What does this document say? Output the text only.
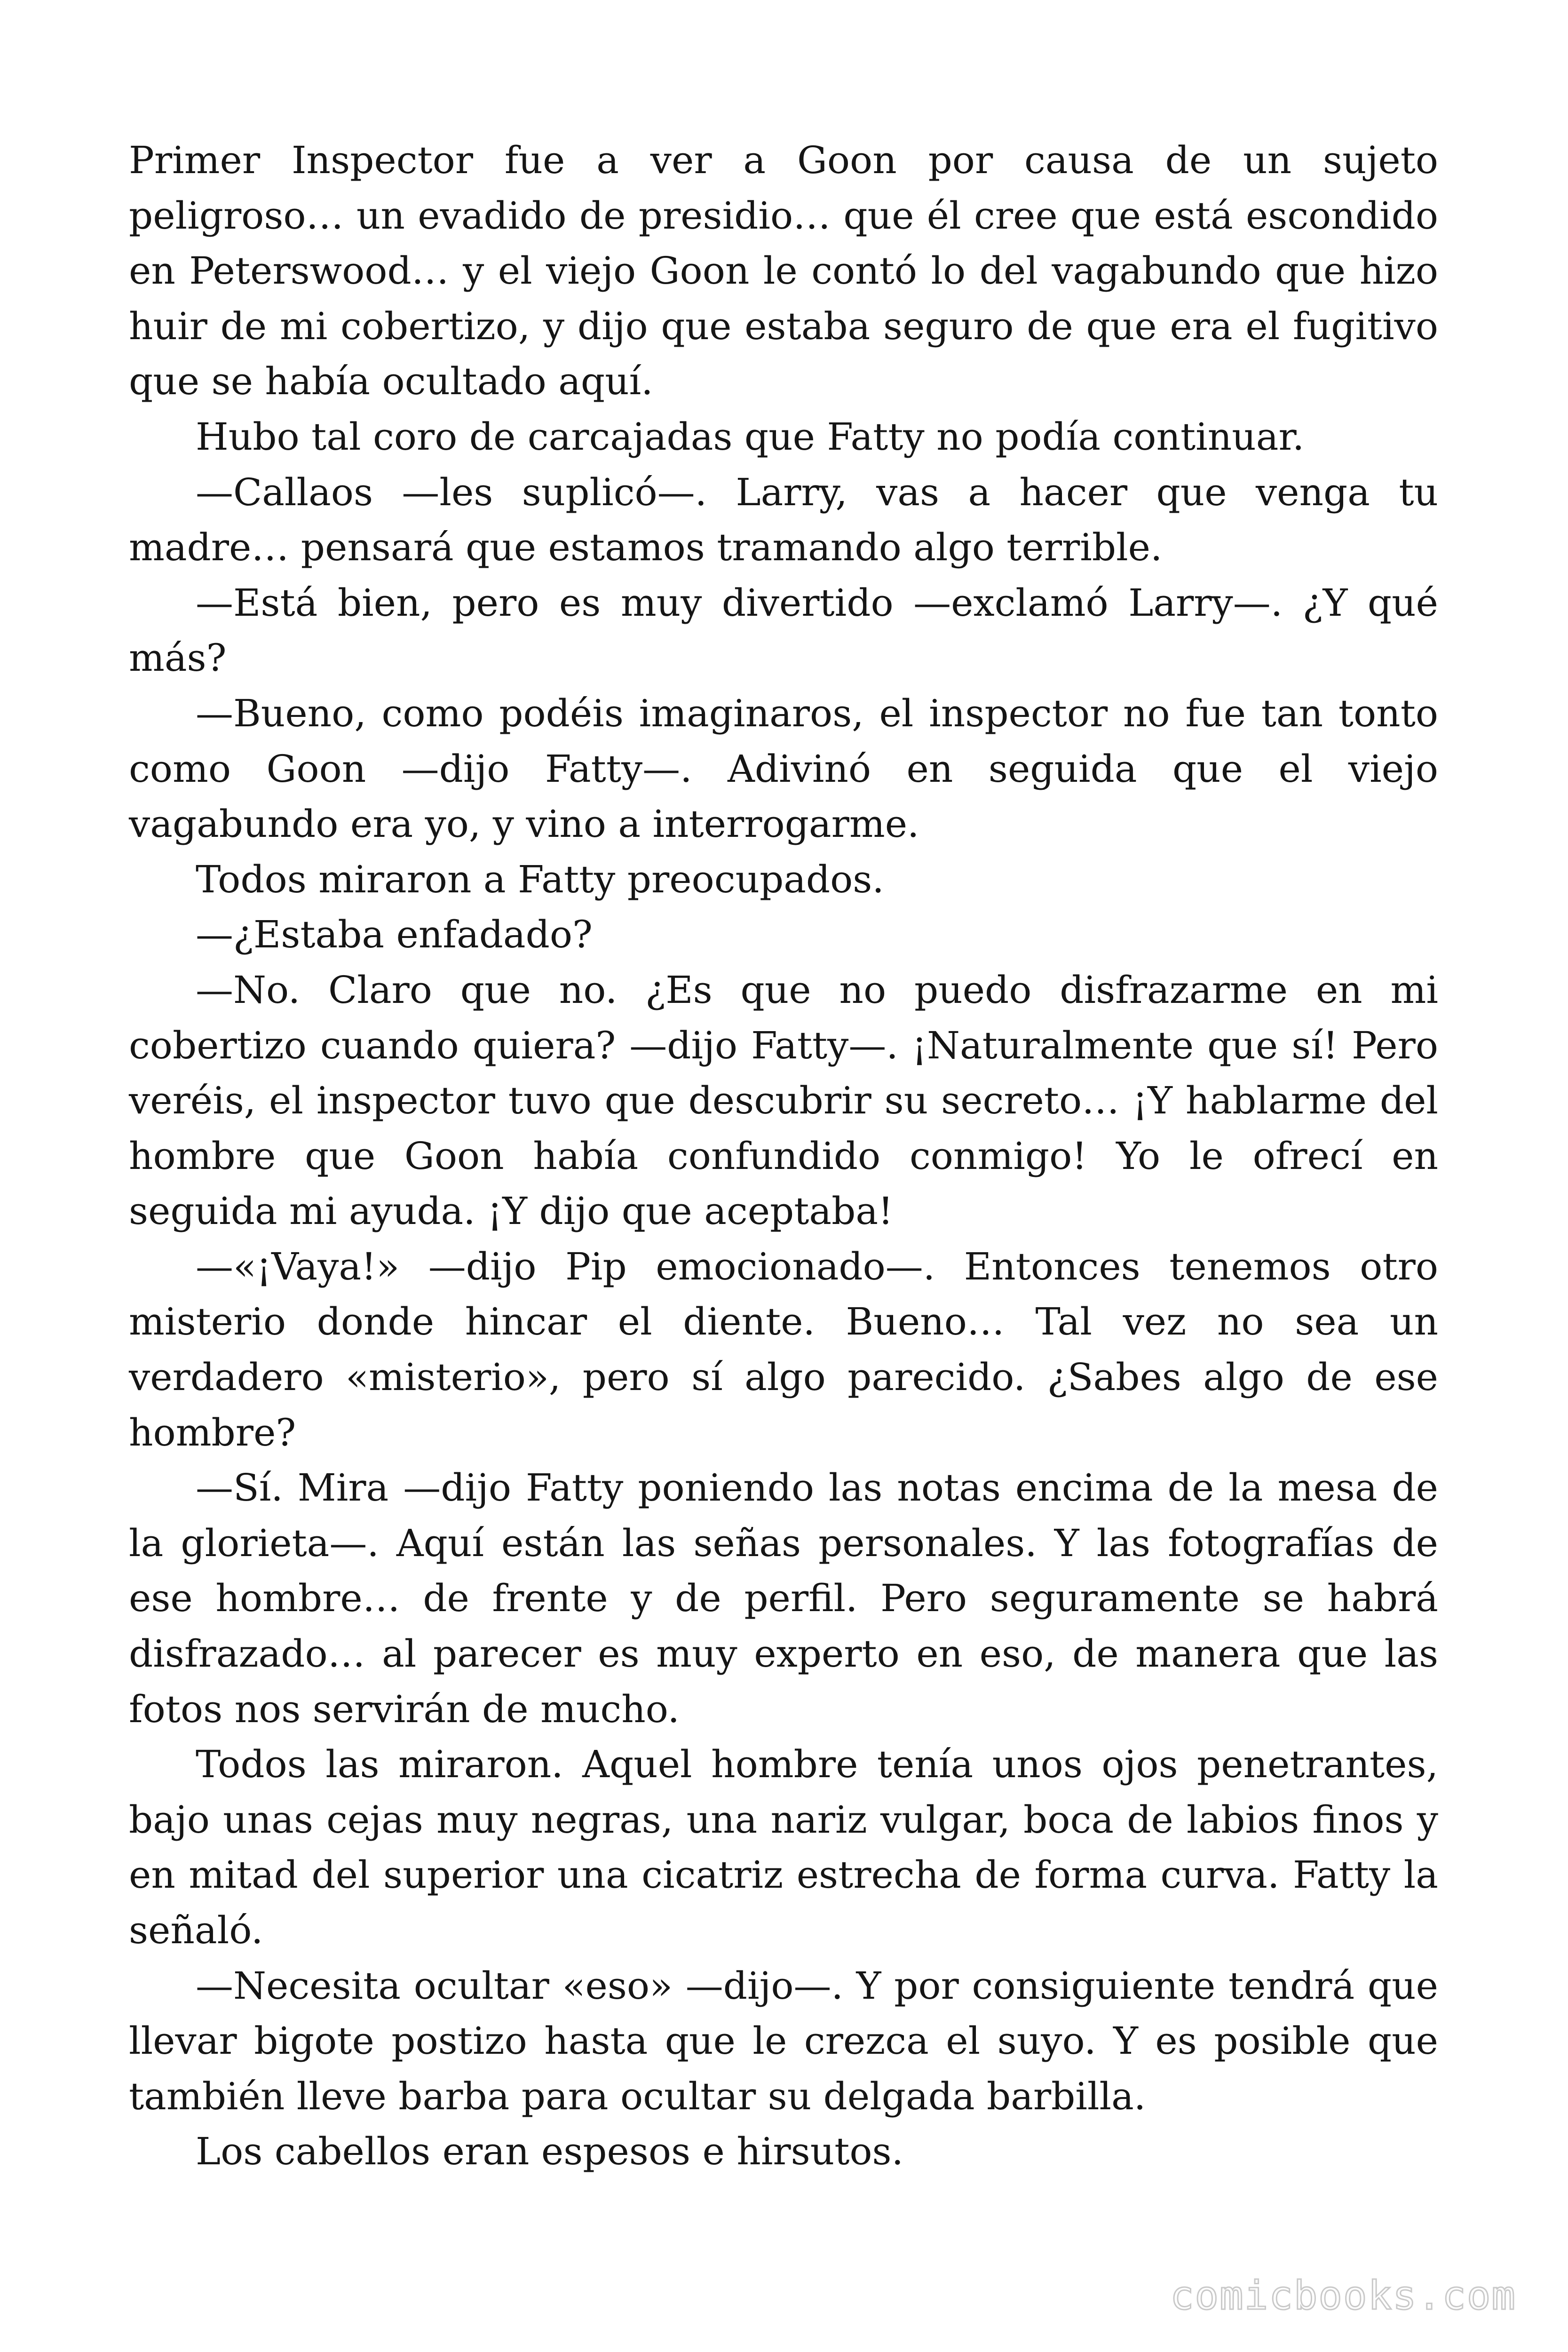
Primer Inspector fue a ver a Goon por causa de un sujeto peligroso… un evadido de presidio… que él cree que está escondido en Peterswood… y el viejo Goon le contó lo del vagabundo que hizo huir de mi cobertizo, y dijo que estaba seguro de que era el fugitivo que se había ocultado aquí.

Hubo tal coro de carcajadas que Fatty no podía continuar.

—Callaos —les suplicó—. Larry, vas a hacer que venga tu madre… pensará que estamos tramando algo terrible.

—Está bien, pero es muy divertido —exclamó Larry—. ¿Y qué más?

—Bueno, como podéis imaginaros, el inspector no fue tan tonto como Goon —dijo Fatty—. Adivinó en seguida que el viejo vagabundo era yo, y vino a interrogarme.

Todos miraron a Fatty preocupados.

—¿Estaba enfadado?

—No. Claro que no. ¿Es que no puedo disfrazarme en mi cobertizo cuando quiera? —dijo Fatty—. ¡Naturalmente que sí! Pero veréis, el inspector tuvo que descubrir su secreto… ¡Y hablarme del hombre que Goon había confundido conmigo! Yo le ofrecí en seguida mi ayuda. ¡Y dijo que aceptaba!

—«¡Vaya!» —dijo Pip emocionado—. Entonces tenemos otro misterio donde hincar el diente. Bueno… Tal vez no sea un verdadero «misterio», pero sí algo parecido. ¿Sabes algo de ese hombre?

—Sí. Mira —dijo Fatty poniendo las notas encima de la mesa de la glorieta—. Aquí están las señas personales. Y las fotografías de ese hombre… de frente y de perfil. Pero seguramente se habrá disfrazado… al parecer es muy experto en eso, de manera que las fotos nos servirán de mucho.

Todos las miraron. Aquel hombre tenía unos ojos penetrantes, bajo unas cejas muy negras, una nariz vulgar, boca de labios finos y en mitad del superior una cicatriz estrecha de forma curva. Fatty la señaló.

—Necesita ocultar «eso» —dijo—. Y por consiguiente tendrá que llevar bigote postizo hasta que le crezca el suyo. Y es posible que también lleve barba para ocultar su delgada barbilla.

Los cabellos eran espesos e hirsutos.

comicbooks.com
